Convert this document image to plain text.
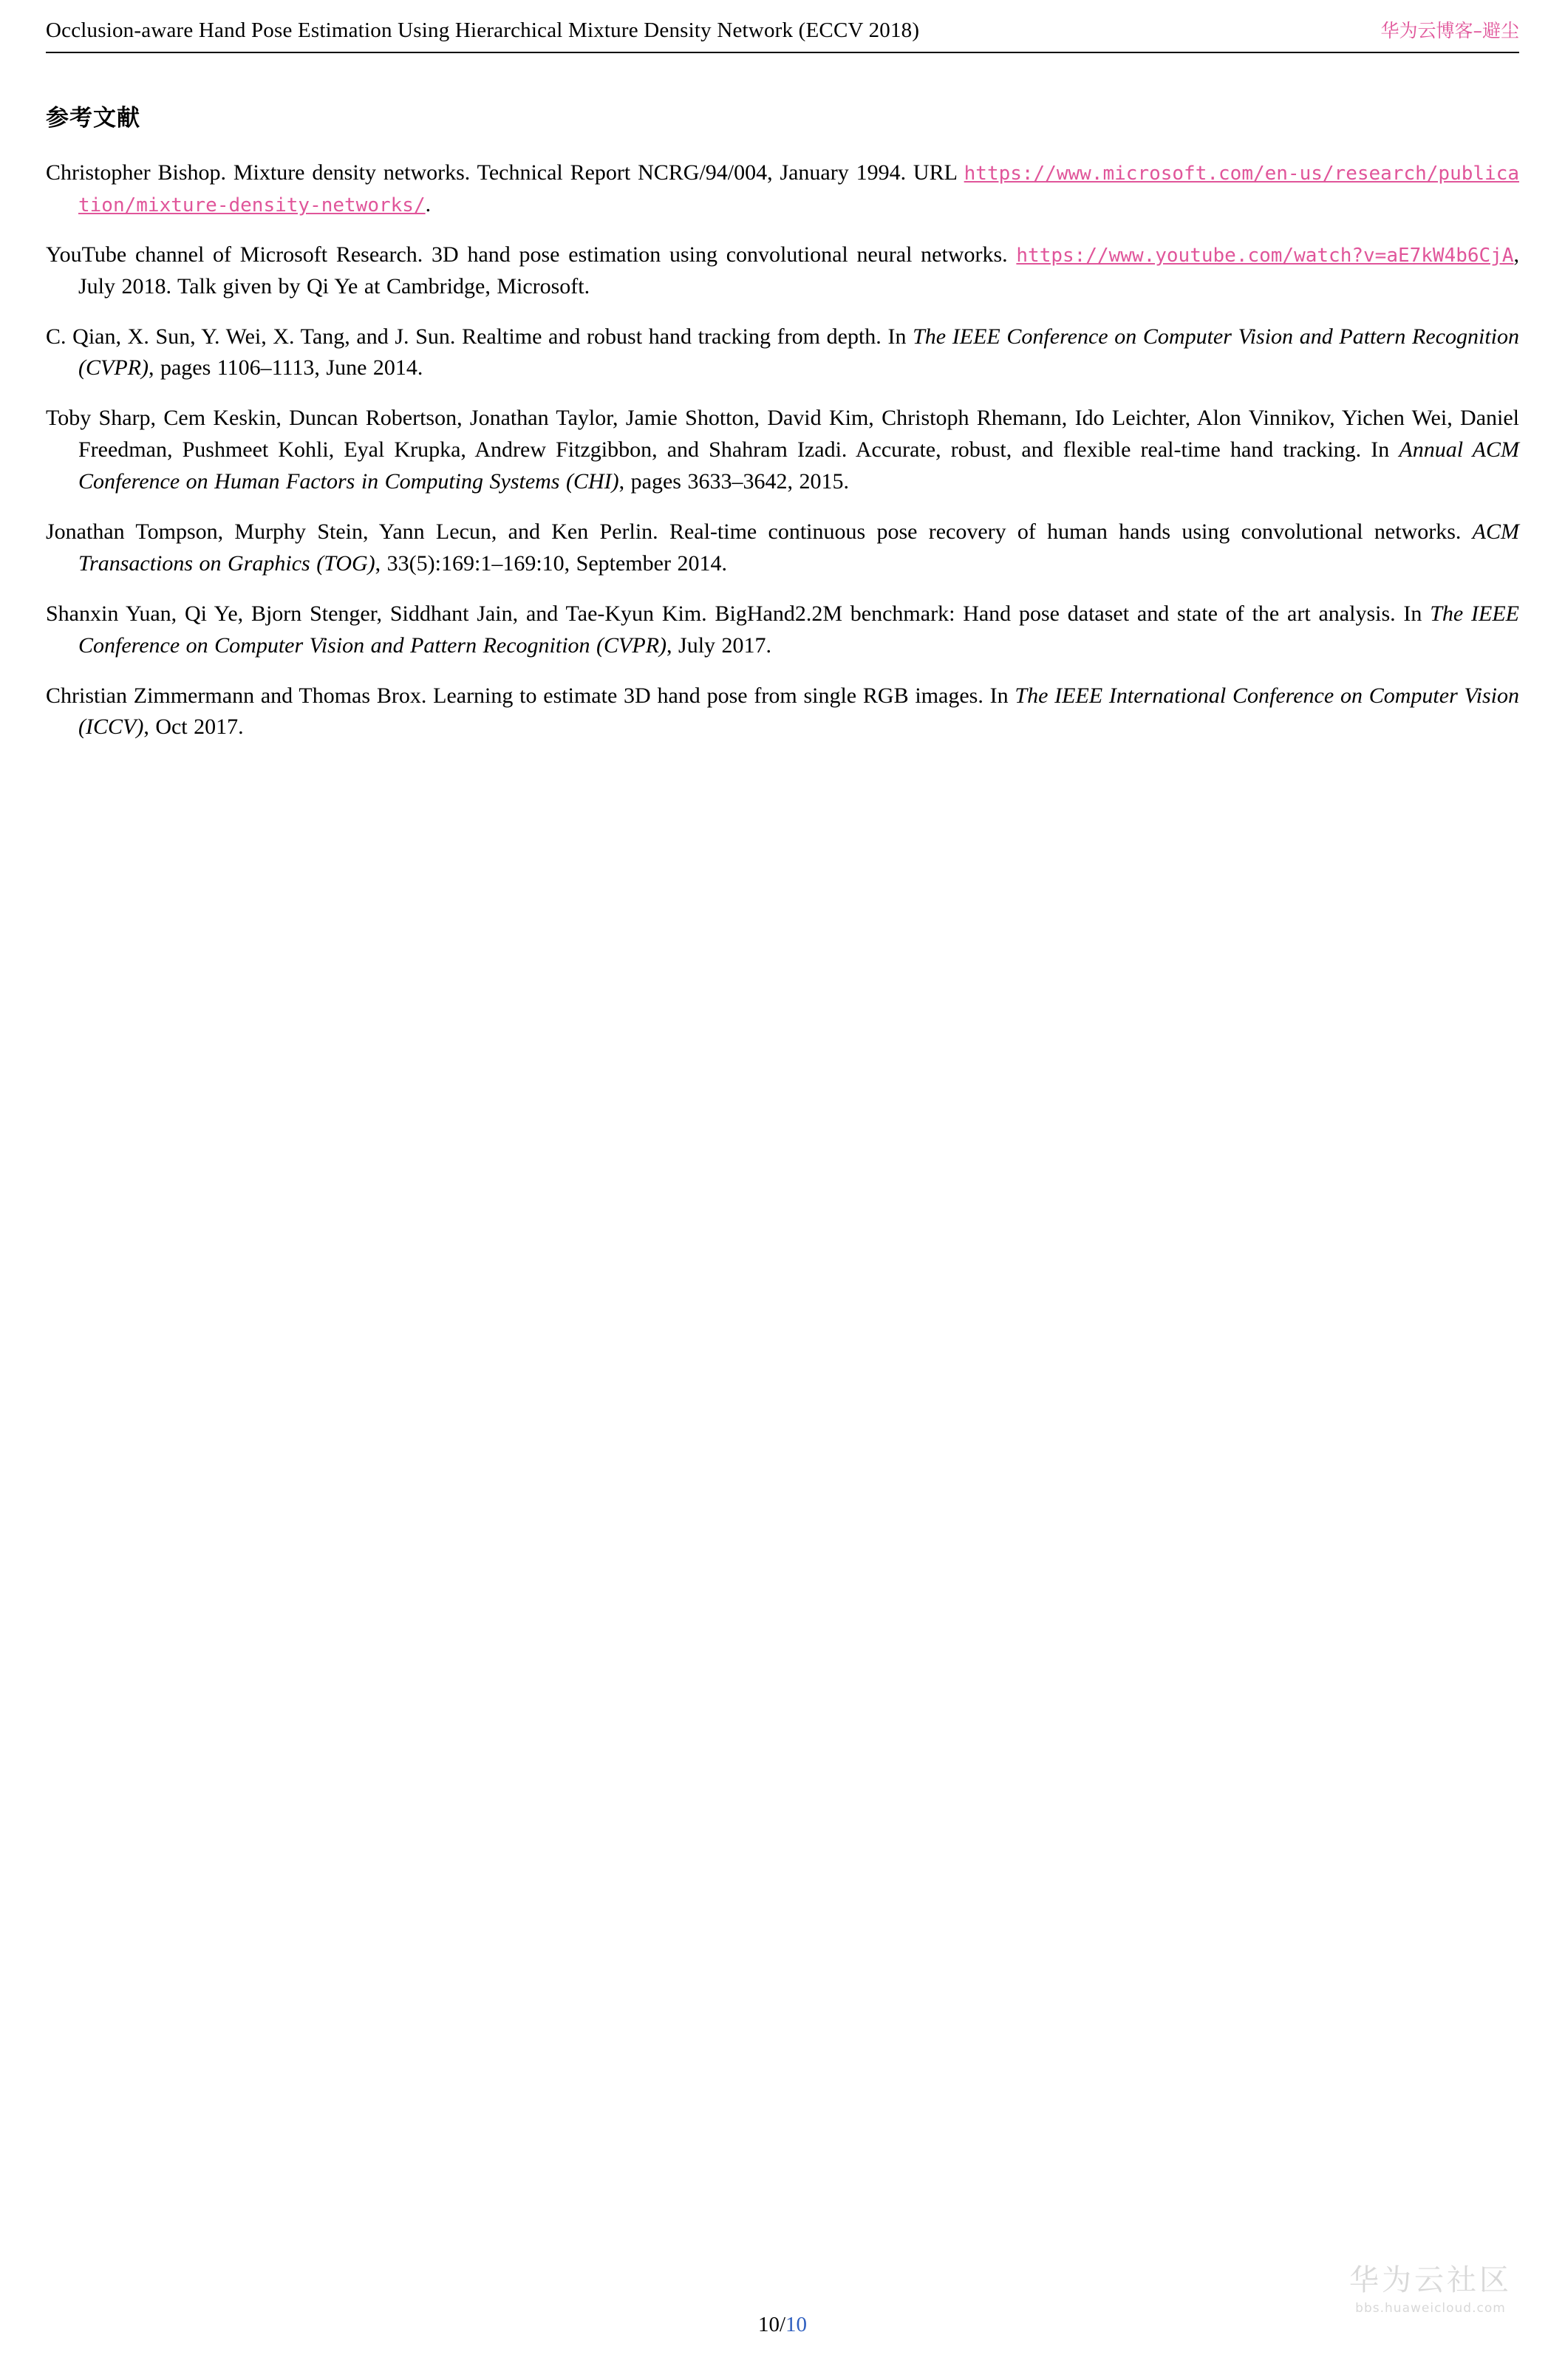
Occlusion-aware Hand Pose Estimation Using Hierarchical Mixture Density Network (ECCV 2018)	华为云博客–避尘
参考文献
Christopher Bishop. Mixture density networks. Technical Report NCRG/94/004, January 1994. URL https://www.microsoft.com/en-us/research/publication/mixture-density-networks/.
YouTube channel of Microsoft Research. 3D hand pose estimation using convolutional neural networks. https://www.youtube.com/watch?v=aE7kW4b6CjA, July 2018. Talk given by Qi Ye at Cambridge, Microsoft.
C. Qian, X. Sun, Y. Wei, X. Tang, and J. Sun. Realtime and robust hand tracking from depth. In The IEEE Conference on Computer Vision and Pattern Recognition (CVPR), pages 1106–1113, June 2014.
Toby Sharp, Cem Keskin, Duncan Robertson, Jonathan Taylor, Jamie Shotton, David Kim, Christoph Rhemann, Ido Leichter, Alon Vinnikov, Yichen Wei, Daniel Freedman, Pushmeet Kohli, Eyal Krupka, Andrew Fitzgibbon, and Shahram Izadi. Accurate, robust, and flexible real-time hand tracking. In Annual ACM Conference on Human Factors in Computing Systems (CHI), pages 3633–3642, 2015.
Jonathan Tompson, Murphy Stein, Yann Lecun, and Ken Perlin. Real-time continuous pose recovery of human hands using convolutional networks. ACM Transactions on Graphics (TOG), 33(5):169:1–169:10, September 2014.
Shanxin Yuan, Qi Ye, Bjorn Stenger, Siddhant Jain, and Tae-Kyun Kim. BigHand2.2M benchmark: Hand pose dataset and state of the art analysis. In The IEEE Conference on Computer Vision and Pattern Recognition (CVPR), July 2017.
Christian Zimmermann and Thomas Brox. Learning to estimate 3D hand pose from single RGB images. In The IEEE International Conference on Computer Vision (ICCV), Oct 2017.
华为云社区
bbs.huaweicloud.com
10/10
